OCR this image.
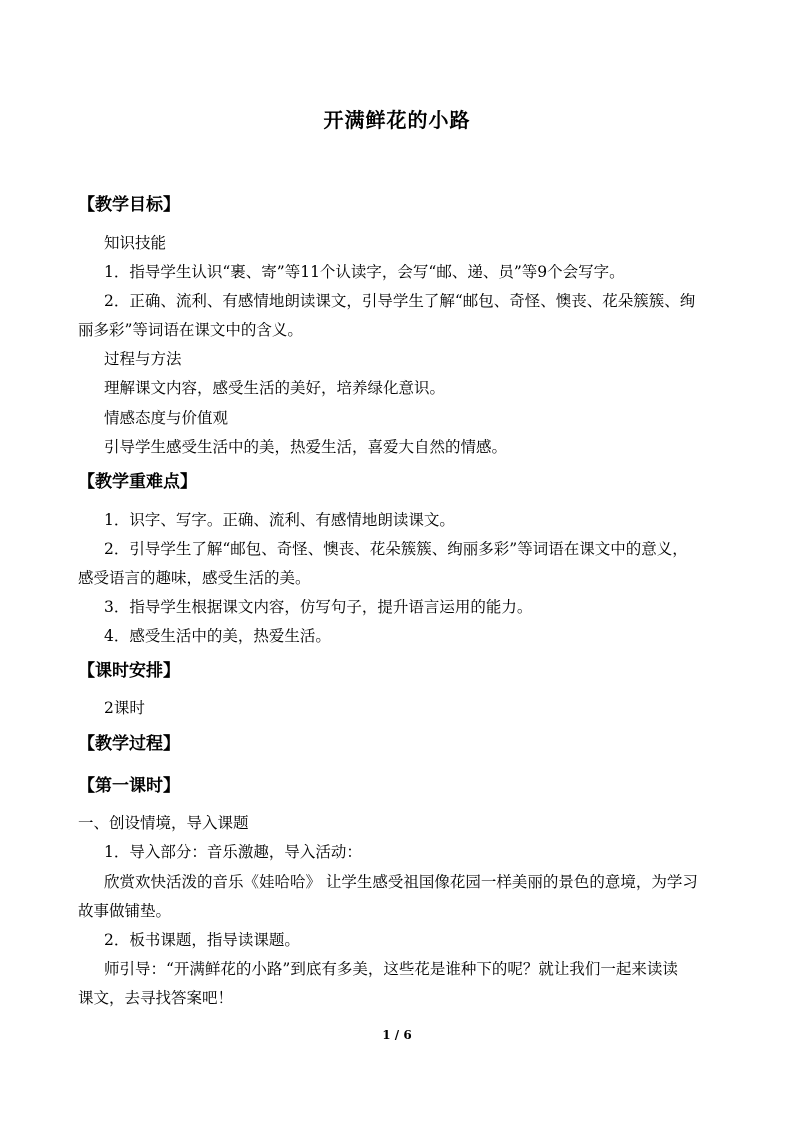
开满鲜花的小路
【教学目标】
知识技能
1．指导学生认识“裹、寄”等11个认读字，会写“邮、递、员”等9个会写字。
2．正确、流利、有感情地朗读课文，引导学生了解“邮包、奇怪、懊丧、花朵簇簇、绚
丽多彩”等词语在课文中的含义。
过程与方法
理解课文内容，感受生活的美好，培养绿化意识。
情感态度与价值观
引导学生感受生活中的美，热爱生活，喜爱大自然的情感。
【教学重难点】
1．识字、写字。正确、流利、有感情地朗读课文。
2．引导学生了解“邮包、奇怪、懊丧、花朵簇簇、绚丽多彩”等词语在课文中的意义，
感受语言的趣味，感受生活的美。
3．指导学生根据课文内容，仿写句子，提升语言运用的能力。
4．感受生活中的美，热爱生活。
【课时安排】
2课时
【教学过程】
【第一课时】
一、创设情境，导入课题
1．导入部分：音乐激趣，导入活动：
欣赏欢快活泼的音乐《娃哈哈》 让学生感受祖国像花园一样美丽的景色的意境，为学习
故事做铺垫。
2．板书课题，指导读课题。
师引导：“开满鲜花的小路”到底有多美，这些花是谁种下的呢？就让我们一起来读读
课文，去寻找答案吧！
1 / 6
